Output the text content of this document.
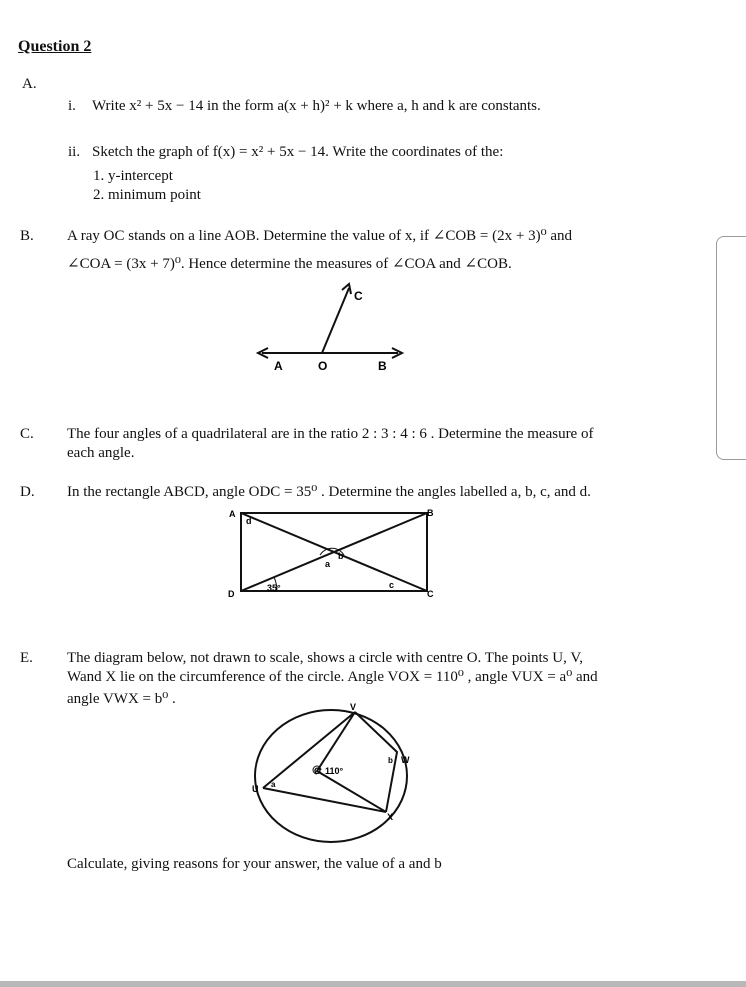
Question 2
A.
i. Write x² + 5x − 14 in the form a(x + h)² + k where a, h and k are constants.
ii. Sketch the graph of f(x) = x² + 5x − 14. Write the coordinates of the:
1. y-intercept
2. minimum point
B. A ray OC stands on a line AOB. Determine the value of x, if ∠COB = (2x + 3)⁰ and
∠COA = (3x + 7)⁰. Hence determine the measures of ∠COA and ∠COB.
C
A	O	B
C. The four angles of a quadrilateral are in the ratio 2 : 3 : 4 : 6 . Determine the measure of
each angle.
D. In the rectangle ABCD, angle ODC = 35⁰ . Determine the angles labelled a, b, c, and d.
A	B
C
D
d
b
a
c
35°
E. The diagram below, not drawn to scale, shows a circle with centre O. The points U, V,
Wand X lie on the circumference of the circle. Angle VOX = 110⁰ , angle VUX = a⁰ and
angle VWX = b⁰ .	V
W
U
X
O 110°
a
b
Calculate, giving reasons for your answer, the value of a and b
